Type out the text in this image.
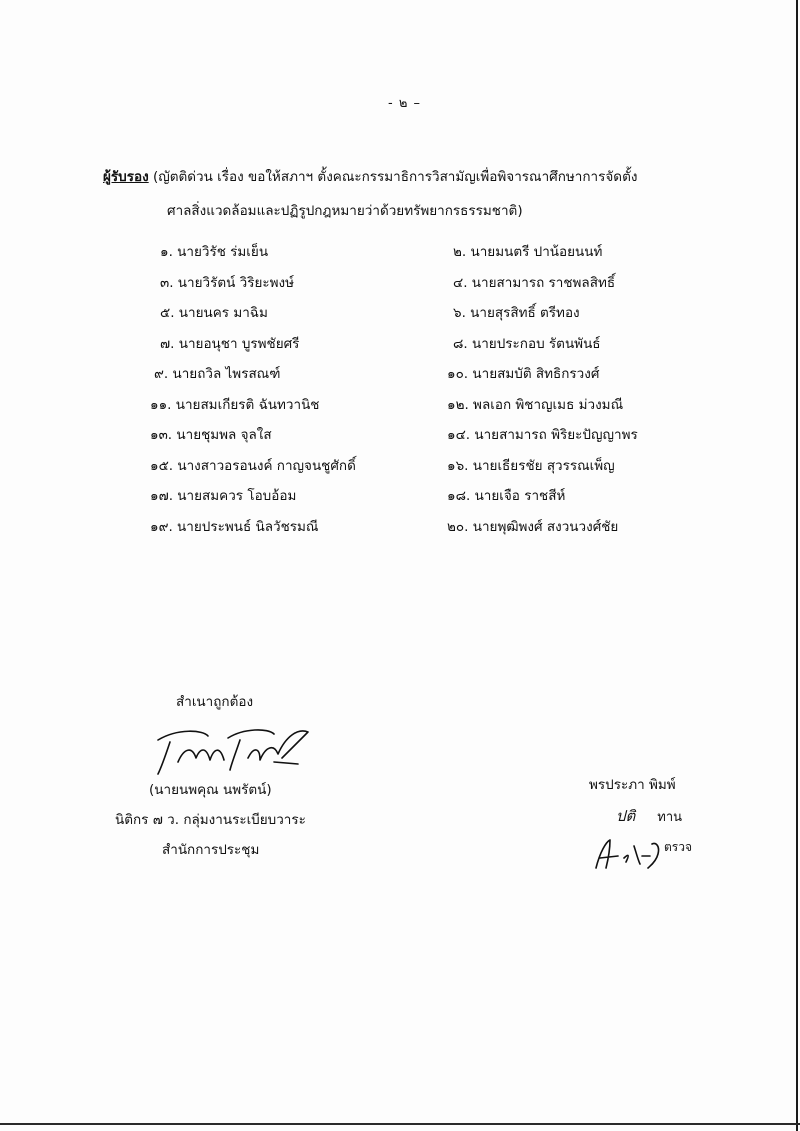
- ๒ –
ผู้รับรอง (ญัตติด่วน เรื่อง ขอให้สภาฯ ตั้งคณะกรรมาธิการวิสามัญเพื่อพิจารณาศึกษาการจัดตั้ง
ศาลสิ่งแวดล้อมและปฏิรูปกฎหมายว่าด้วยทรัพยากรธรรมชาติ)
๑. นายวิรัช ร่มเย็น
๓. นายวิรัตน์ วิริยะพงษ์
๕. นายนคร มาฉิม
๗. นายอนุชา บูรพชัยศรี
๙. นายถวิล ไพรสณฑ์
๑๑. นายสมเกียรติ ฉันทวานิช
๑๓. นายชุมพล จุลใส
๑๕. นางสาวอรอนงค์ กาญจนชูศักดิ์
๑๗. นายสมควร โอบอ้อม
๑๙. นายประพนธ์ นิลวัชรมณี
๒. นายมนตรี ปาน้อยนนท์
๔. นายสามารถ ราชพลสิทธิ์
๖. นายสุรสิทธิ์ ตรีทอง
๘. นายประกอบ รัตนพันธ์
๑๐. นายสมบัติ สิทธิกรวงศ์
๑๒. พลเอก พิชาญเมธ ม่วงมณี
๑๔. นายสามารถ พิริยะปัญญาพร
๑๖. นายเธียรชัย สุวรรณเพ็ญ
๑๘. นายเจือ ราชสีห์
๒๐. นายพุฒิพงศ์ สงวนวงศ์ชัย
สำเนาถูกต้อง
(นายนพคุณ นพรัตน์)
นิติกร ๗ ว. กลุ่มงานระเบียบวาระ
สำนักการประชุม
พรประภา พิมพ์
ปติ ทาน
ตรวจ
